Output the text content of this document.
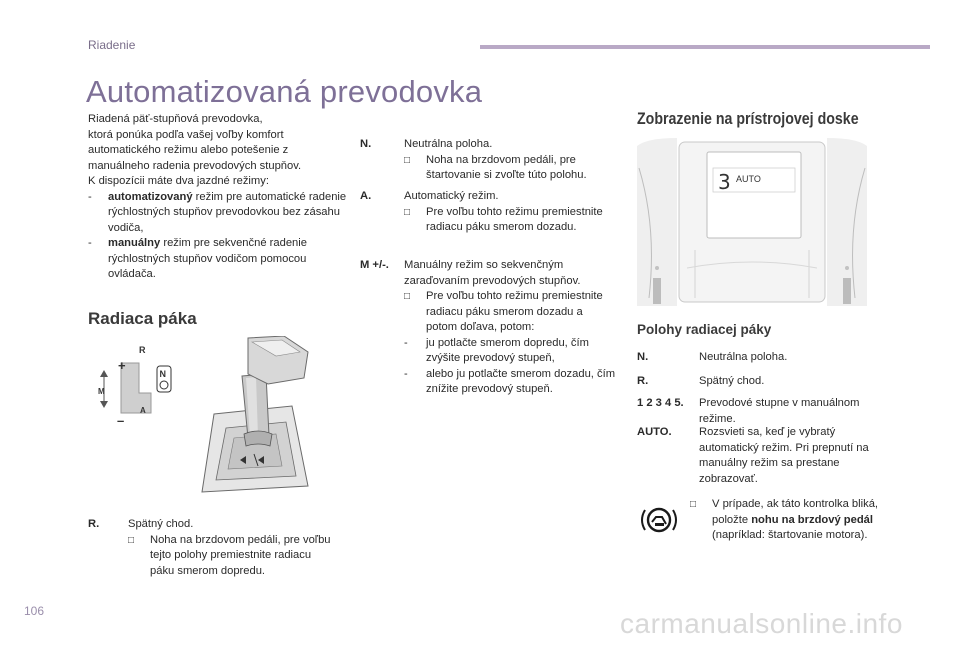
Riadenie
Automatizovaná prevodovka
Riadená päť-stupňová prevodovka,
ktorá ponúka podľa vašej voľby komfort
automatického režimu alebo potešenie z
manuálneho radenia prevodových stupňov.
K dispozícii máte dva jazdné režimy:
- automatizovaný režim pre automatické radenie rýchlostných stupňov prevodovkou bez zásahu vodiča,
- manuálny režim pre sekvenčné radenie rýchlostných stupňov vodičom pomocou ovládača.
Radiaca páka
R
+
M
A
–
N
R.	Spätný chod.
□ Noha na brzdovom pedáli, pre voľbu tejto polohy premiestnite radiacu páku smerom dopredu.
N.	Neutrálna poloha.
□ Noha na brzdovom pedáli, pre štartovanie si zvoľte túto polohu.
A.	Automatický režim.
□ Pre voľbu tohto režimu premiestnite radiacu páku smerom dozadu.
M +/-. Manuálny režim so sekvenčným zaraďovaním prevodových stupňov.
□ Pre voľbu tohto režimu premiestnite radiacu páku smerom dozadu a potom doľava, potom:
- ju potlačte smerom dopredu, čím zvýšite prevodový stupeň,
- alebo ju potlačte smerom dozadu, čím znížite prevodový stupeň.
Zobrazenie na prístrojovej doske
3 AUTO
Polohy radiacej páky
N.	Neutrálna poloha.
R.	Spätný chod.
1 2 3 4 5. Prevodové stupne v manuálnom režime.
AUTO. Rozsvieti sa, keď je vybratý automatický režim. Pri prepnutí na manuálny režim sa prestane zobrazovať.
□ V prípade, ak táto kontrolka bliká, položte nohu na brzdový pedál (napríklad: štartovanie motora).
106	carmanualsonline.info
